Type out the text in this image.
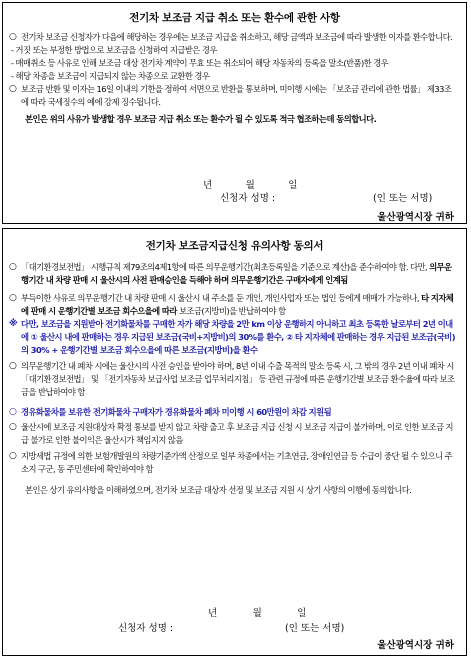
전기차 보조금 지급 취소 또는 환수에 관한 사항
○ 전기차 보조금 신청자가 다음에 해당하는 경우에는 보조금 지급을 취소하고, 해당 금액과 보조금에 따라 발생한 이자를 환수합니다.
- 거짓 또는 부정한 방법으로 보조금을 신청하여 지급받은 경우
- 매매취소 등 사유로 인해 보조금 대상 전기차 계약이 무효 또는 취소되어 해당 자동차의 등록을 말소(반품)한 경우
- 해당 차종을 보조금이 지급되지 않는 차종으로 교환한 경우
○ 보조금 반환 및 이자는 16일 이내의 기한을 정하여 서면으로 반환을 통보하며, 미이행 시에는 「보조금 관리에 관한 법률」 제33조에 따라 국세징수의 예에 강제 징수됩니다.
본인은 위의 사유가 발생할 경우 보조금 지급 취소 또는 환수가 될 수 있도록 적극 협조하는데 동의합니다.
년	월	일
신청자 성명 :	(인 또는 서명)
울산광역시장 귀하
전기차 보조금지급신청 유의사항 동의서
○ 「대기환경보전법」 시행규칙 제79조의4제1항에 따른 의무운행기간(최초등록일을 기준으로 계산)을 준수하여야 함. 다만, 의무운행기간 내 차량 판매 시 울산시의 사전 판매승인을 득해야 하며 의무운행기간은 구매자에게 인계됨
○ 부득이한 사유로 의무운행기간 내 차량 판매 시 울산시 내 주소를 둔 개인, 개인사업자 또는 법인 등에게 매매가 가능하나, 타 지자체에 판매 시 운행기간별 보조금 회수으을에 따라 보조금(지방비)을 반납하여야 함
※ 다만, 보조금을 지원받아 전기화물차를 구매한 자가 해당 차량을 2만 km 이상 운행하지 아니하고 최초 등록한 날로부터 2년 이내에 ① 울산시 내에 판매하는 경우 지급된 보조금(국비+지방비)의 30%를 환수, ② 타 지자체에 판매하는 경우 지급된 보조금(국비)의 30% + 운행기간별 보조금 회수으을에 따른 보조금(지방비)을 환수
○ 의무운행기간 내 폐차 시에는 울산시의 사전 승인을 받아야 하며, 8년 이내 수출 목적의 말소 등록 시, 그 밖의 경우 2년 이내 폐차 시 「대기환경보전법」 및 「전기자동차 보급사업 보조금 업무처리지침」 등 관련 규정에 따른 운행기간별 보조금 환수율에 따라 보조금을 반납하여야 함
○ 경유화물차를 보유한 전기화물차 구매자가 경유화물차 폐차 미이행 시 60만원이 차감 지원됨
○ 울산시에 보조금 지원대상자 확정 통보를 받지 않고 차량 출고 후 보조금 지급 신청 시 보조금 지급이 불가하며, 이로 인한 보조금 지급 불가로 인한 불이익은 울산시가 책임지지 않음
○ 지방세법 규정에 의한 보험개발원의 차량기준가액 산정으로 일부 차종에서는 기초연금, 장애인연금 등 수급이 중단 될 수 있으니 주소지 구군, 동 주민센터에 확인하여야 함
본인은 상기 유의사항을 이해하였으며, 전기차 보조금 대상자 선정 및 보조금 지원 시 상기 사항의 이행에 동의합니다.
년	월	일
신청자 성명 :	(인 또는 서명)
울산광역시장 귀하
